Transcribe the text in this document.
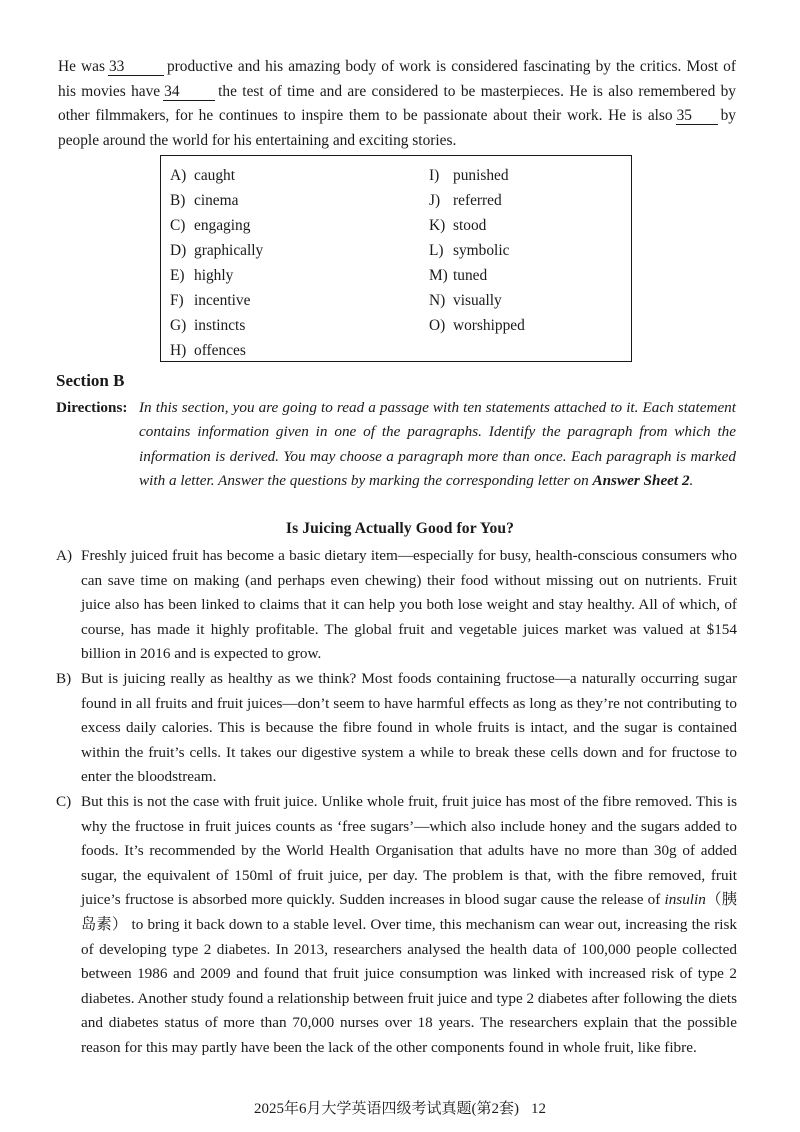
He was 33	productive and his amazing body of work is considered fascinating by the critics. Most of his movies have 34	the test of time and are considered to be masterpieces. He is also remembered by other filmmakers, for he continues to inspire them to be passionate about their work. He is also 35 by people around the world for his entertaining and exciting stories.
A) caught
B) cinema
C) engaging
D) graphically
E) highly
F) incentive
G) instincts
H) offences
I) punished
J) referred
K) stood
L) symbolic
M) tuned
N) visually
O) worshipped
Section B
Directions: In this section, you are going to read a passage with ten statements attached to it. Each statement contains information given in one of the paragraphs. Identify the paragraph from which the information is derived. You may choose a paragraph more than once. Each paragraph is marked with a letter. Answer the questions by marking the corresponding letter on Answer Sheet 2.
Is Juicing Actually Good for You?
A) Freshly juiced fruit has become a basic dietary item—especially for busy, health-conscious consumers who can save time on making (and perhaps even chewing) their food without missing out on nutrients. Fruit juice also has been linked to claims that it can help you both lose weight and stay healthy. All of which, of course, has made it highly profitable. The global fruit and vegetable juices market was valued at $154 billion in 2016 and is expected to grow.
B) But is juicing really as healthy as we think? Most foods containing fructose—a naturally occurring sugar found in all fruits and fruit juices—don’t seem to have harmful effects as long as they’re not contributing to excess daily calories. This is because the fibre found in whole fruits is intact, and the sugar is contained within the fruit’s cells. It takes our digestive system a while to break these cells down and for fructose to enter the bloodstream.
C) But this is not the case with fruit juice. Unlike whole fruit, fruit juice has most of the fibre removed. This is why the fructose in fruit juices counts as ‘free sugars’—which also include honey and the sugars added to foods. It’s recommended by the World Health Organisation that adults have no more than 30g of added sugar, the equivalent of 150ml of fruit juice, per day. The problem is that, with the fibre removed, fruit juice’s fructose is absorbed more quickly. Sudden increases in blood sugar cause the release of insulin（胰岛素） to bring it back down to a stable level. Over time, this mechanism can wear out, increasing the risk of developing type 2 diabetes. In 2013, researchers analysed the health data of 100,000 people collected between 1986 and 2009 and found that fruit juice consumption was linked with increased risk of type 2 diabetes. Another study found a relationship between fruit juice and type 2 diabetes after following the diets and diabetes status of more than 70,000 nurses over 18 years. The researchers explain that the possible reason for this may partly have been the lack of the other components found in whole fruit, like fibre.
2025年6月大学英语四级考试真题(第2套) 12
